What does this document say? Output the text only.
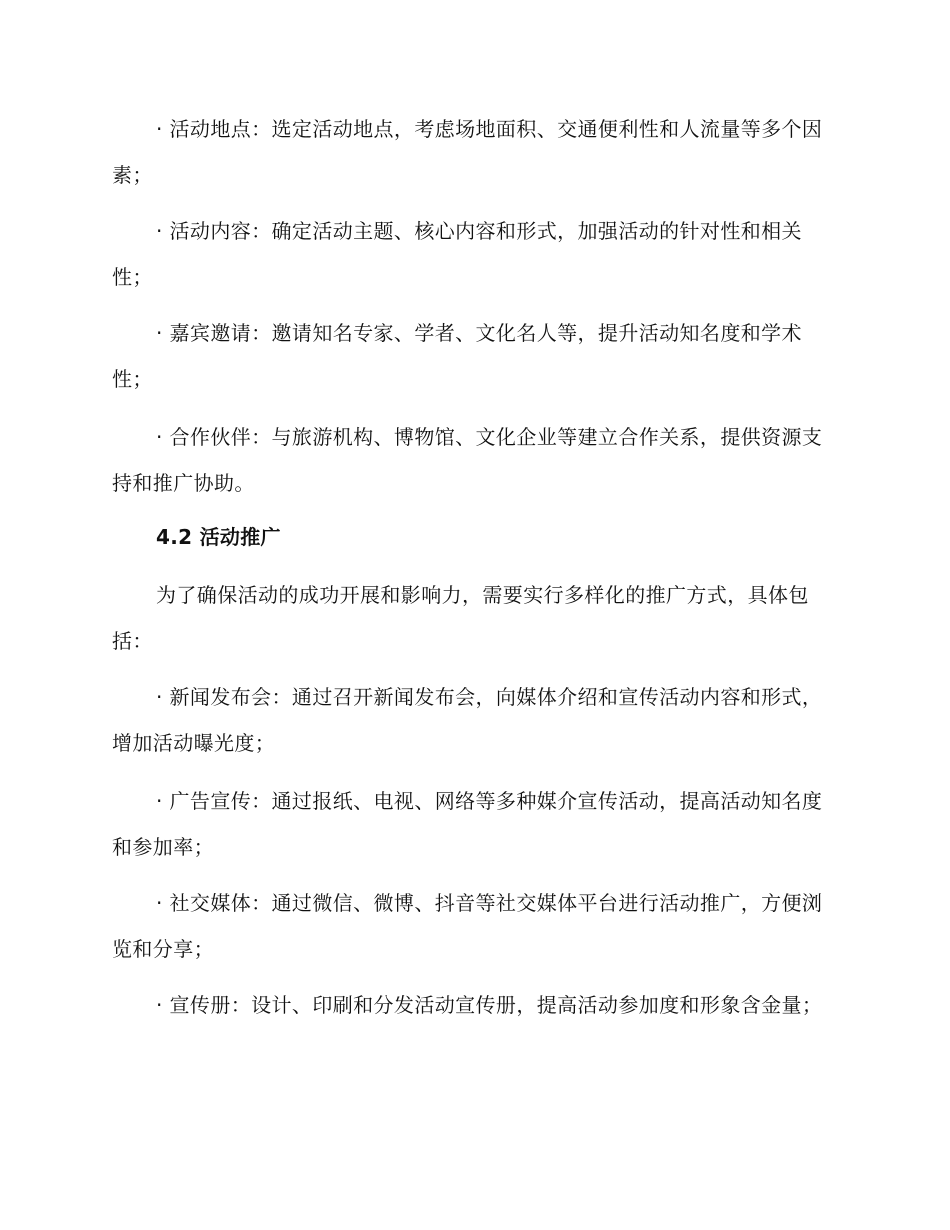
· 活动地点：选定活动地点，考虑场地面积、交通便利性和人流量等多个因素；

· 活动内容：确定活动主题、核心内容和形式，加强活动的针对性和相关性；

· 嘉宾邀请：邀请知名专家、学者、文化名人等，提升活动知名度和学术性；

· 合作伙伴：与旅游机构、博物馆、文化企业等建立合作关系，提供资源支持和推广协助。

4.2 活动推广

为了确保活动的成功开展和影响力，需要实行多样化的推广方式，具体包括：

· 新闻发布会：通过召开新闻发布会，向媒体介绍和宣传活动内容和形式，增加活动曝光度；

· 广告宣传：通过报纸、电视、网络等多种媒介宣传活动，提高活动知名度和参加率；

· 社交媒体：通过微信、微博、抖音等社交媒体平台进行活动推广，方便浏览和分享；

· 宣传册：设计、印刷和分发活动宣传册，提高活动参加度和形象含金量；
